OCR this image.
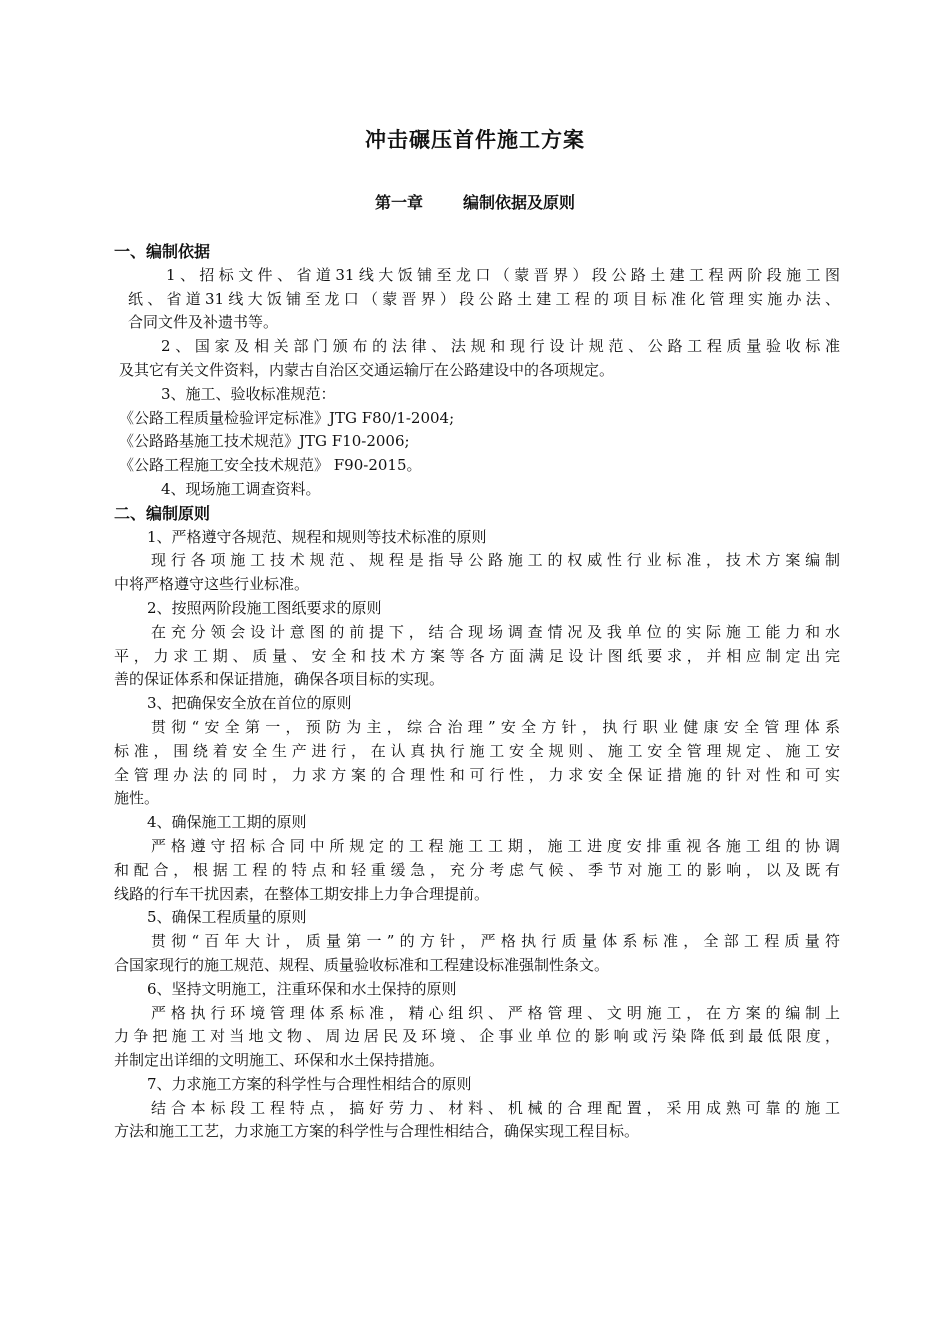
冲击碾压首件施工方案
第一章	编制依据及原则
一、编制依据
1、招标文件、省道31线大饭铺至龙口（蒙晋界）段公路土建工程两阶段施工图
纸、省道31线大饭铺至龙口（蒙晋界）段公路土建工程的项目标准化管理实施办法、
合同文件及补遗书等。
2、国家及相关部门颁布的法律、法规和现行设计规范、公路工程质量验收标准
及其它有关文件资料，内蒙古自治区交通运输厅在公路建设中的各项规定。
3、施工、验收标准规范：
《公路工程质量检验评定标准》JTG F80/1-2004;
《公路路基施工技术规范》JTG F10-2006;
《公路工程施工安全技术规范》 F90-2015。
4、现场施工调查资料。
二、编制原则
1、严格遵守各规范、规程和规则等技术标准的原则
现行各项施工技术规范、规程是指导公路施工的权威性行业标准，技术方案编制
中将严格遵守这些行业标准。
2、按照两阶段施工图纸要求的原则
在充分领会设计意图的前提下，结合现场调查情况及我单位的实际施工能力和水
平，力求工期、质量、安全和技术方案等各方面满足设计图纸要求，并相应制定出完
善的保证体系和保证措施，确保各项目标的实现。
3、把确保安全放在首位的原则
贯彻“安全第一，预防为主，综合治理”安全方针，执行职业健康安全管理体系
标准，围绕着安全生产进行，在认真执行施工安全规则、施工安全管理规定、施工安
全管理办法的同时，力求方案的合理性和可行性，力求安全保证措施的针对性和可实
施性。
4、确保施工工期的原则
严格遵守招标合同中所规定的工程施工工期，施工进度安排重视各施工组的协调
和配合，根据工程的特点和轻重缓急，充分考虑气候、季节对施工的影响，以及既有
线路的行车干扰因素，在整体工期安排上力争合理提前。
5、确保工程质量的原则
贯彻“百年大计，质量第一”的方针，严格执行质量体系标准，全部工程质量符
合国家现行的施工规范、规程、质量验收标准和工程建设标准强制性条文。
6、坚持文明施工，注重环保和水土保持的原则
严格执行环境管理体系标准，精心组织、严格管理、文明施工，在方案的编制上
力争把施工对当地文物、周边居民及环境、企事业单位的影响或污染降低到最低限度，
并制定出详细的文明施工、环保和水土保持措施。
7、力求施工方案的科学性与合理性相结合的原则
结合本标段工程特点，搞好劳力、材料、机械的合理配置，采用成熟可靠的施工
方法和施工工艺，力求施工方案的科学性与合理性相结合，确保实现工程目标。
